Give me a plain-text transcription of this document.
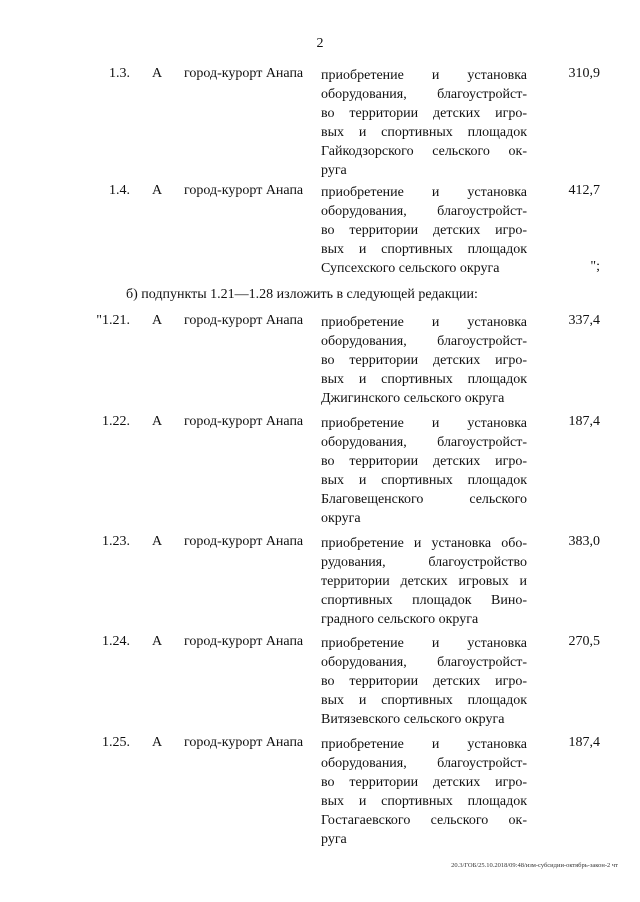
2
1.3. А город-курорт Анапа приобретение и установка
оборудования, благоустройст-
во территории детских игро-
вых и спортивных площадок
Гайкодзорского сельского ок-
руга
310,9
1.4. А город-курорт Анапа приобретение и установка
оборудования, благоустройст-
во территории детских игро-
вых и спортивных площадок
Супсехского сельского округа
412,7
";
б) подпункты 1.21—1.28 изложить в следующей редакции:
"1.21. А город-курорт Анапа приобретение и установка
оборудования, благоустройст-
во территории детских игро-
вых и спортивных площадок
Джигинского сельского округа
337,4
1.22. А город-курорт Анапа приобретение и установка
оборудования, благоустройст-
во территории детских игро-
вых и спортивных площадок
Благовещенского сельского
округа
187,4
1.23. А город-курорт Анапа приобретение и установка обо-
рудования, благоустройство
территории детских игровых и
спортивных площадок Вино-
градного сельского округа
383,0
1.24. А город-курорт Анапа приобретение и установка
оборудования, благоустройст-
во территории детских игро-
вых и спортивных площадок
Витязевского сельского округа
270,5
1.25. А город-курорт Анапа приобретение и установка
оборудования, благоустройст-
во территории детских игро-
вых и спортивных площадок
Гостагаевского сельского ок-
руга
187,4
20.3/ГОБ/25.10.2018/09:48/изм-субсидии-октябрь-закон-2 чт
